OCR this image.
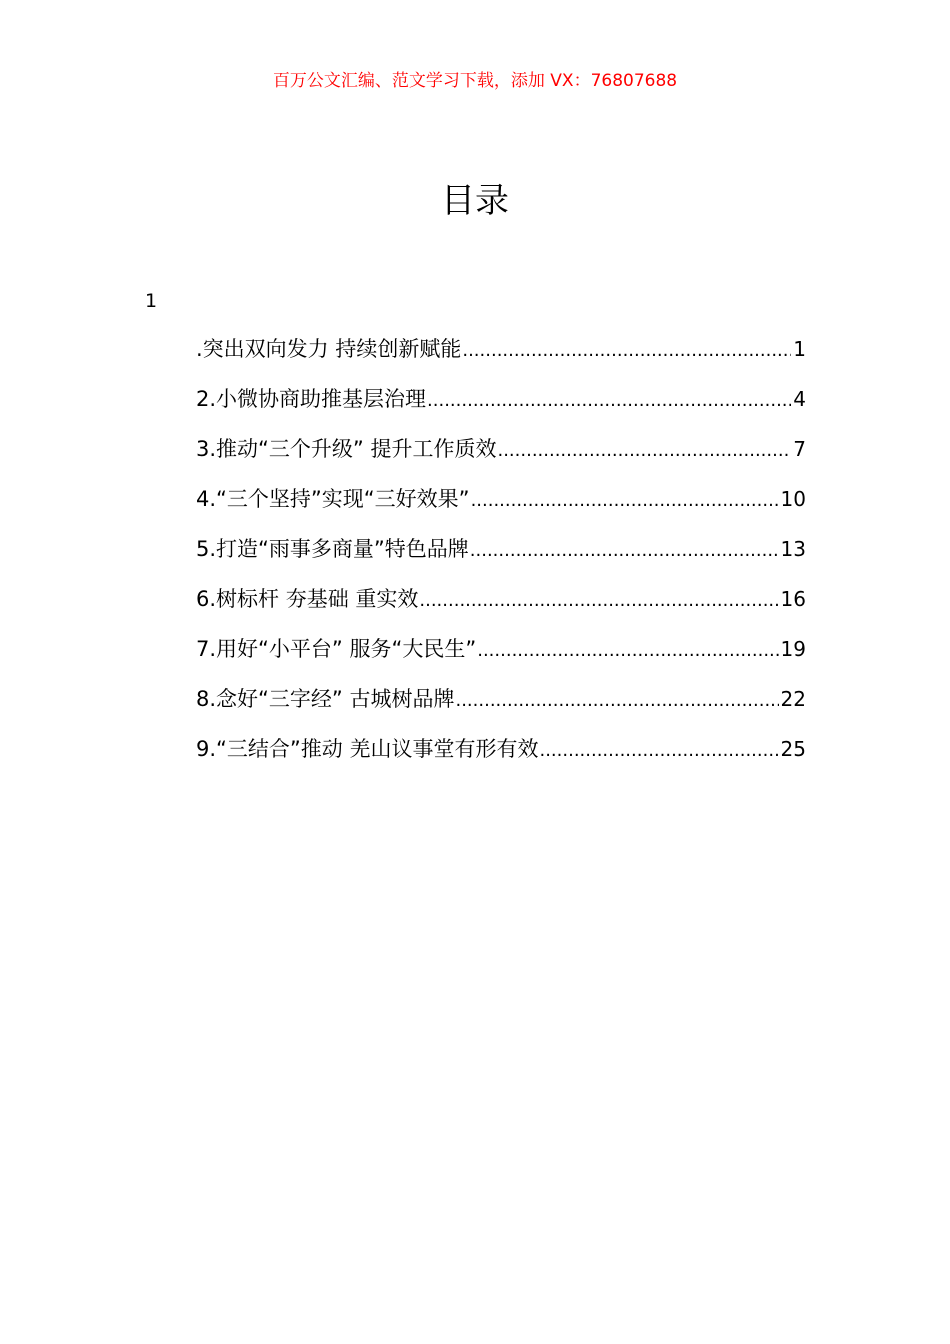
百万公文汇编、范文学习下载，添加 VX：76807688
目录
1
.突出双向发力 持续创新赋能 .....	1
2.小微协商助推基层治理 .....	4
3.推动“三个升级” 提升工作质效 .....	7
4.“三个坚持”实现“三好效果” .....	10
5.打造“雨事多商量”特色品牌 .....	13
6.树标杆 夯基础 重实效 .....	16
7.用好“小平台” 服务“大民生” .....	19
8.念好“三字经” 古城树品牌 .....	22
9.“三结合”推动 羌山议事堂有形有效 .....	25
